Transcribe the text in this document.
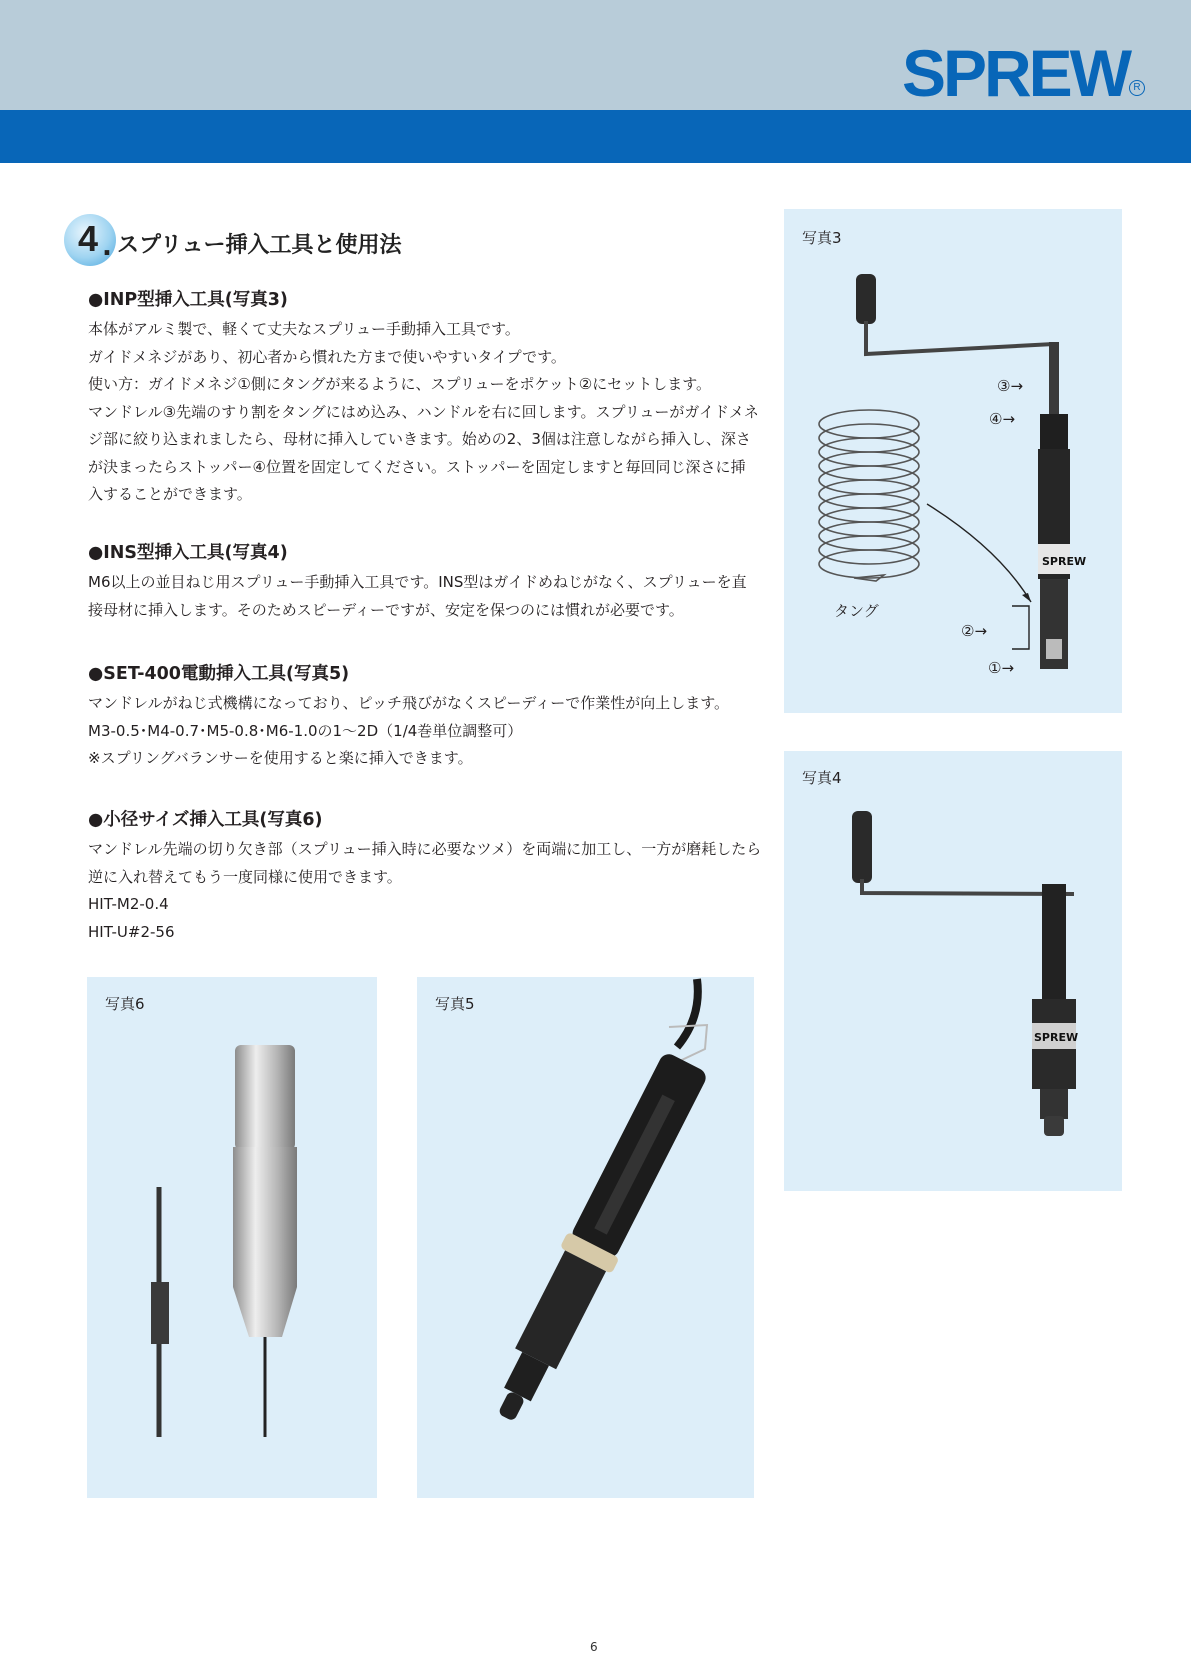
SPREW R
4 . スプリュー挿入工具と使用法
●INP型挿入工具(写真3)

本体がアルミ製で、軽くて丈夫なスプリュー手動挿入工具です。

ガイドメネジがあり、初心者から慣れた方まで使いやすいタイプです。

使い方：ガイドメネジ①側にタングが来るように、スプリューをポケット②にセットします。

マンドレル③先端のすり割をタングにはめ込み、ハンドルを右に回します。スプリューがガイドメネ

ジ部に絞り込まれましたら、母材に挿入していきます。始めの2、3個は注意しながら挿入し、深さ

が決まったらストッパー④位置を固定してください。ストッパーを固定しますと毎回同じ深さに挿

入することができます。

●INS型挿入工具(写真4)

M6以上の並目ねじ用スプリュー手動挿入工具です。INS型はガイドめねじがなく、スプリューを直

接母材に挿入します。そのためスピーディーですが、安定を保つのには慣れが必要です。

●SET-400電動挿入工具(写真5)

マンドレルがねじ式機構になっており、ピッチ飛びがなくスピーディーで作業性が向上します。

M3-0.5･M4-0.7･M5-0.8･M6-1.0の1～2D（1/4巻単位調整可）

※スプリングバランサーを使用すると楽に挿入できます。

●小径サイズ挿入工具(写真6)

マンドレル先端の切り欠き部（スプリュー挿入時に必要なツメ）を両端に加工し、一方が磨耗したら

逆に入れ替えてもう一度同様に使用できます。

HIT-M2-0.4

HIT-U#2-56

写真3
SPREW
タング
③→
④→
②→
①→
写真4
SPREW
写真6	写真5
6
